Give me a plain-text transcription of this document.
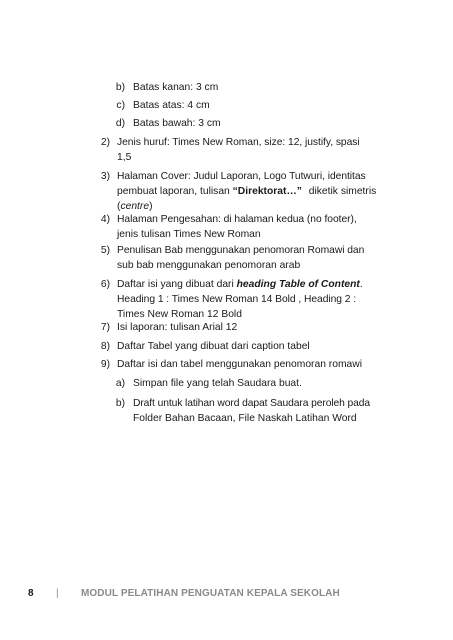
b) Batas kanan: 3 cm
c) Batas atas: 4 cm
d) Batas bawah: 3 cm
2) Jenis huruf: Times New Roman, size: 12, justify, spasi
1,5
3) Halaman Cover: Judul Laporan, Logo Tutwuri, identitas
pembuat laporan, tulisan “Direktorat…” diketik simetris
(centre)
4) Halaman Pengesahan: di halaman kedua (no footer),
jenis tulisan Times New Roman
5) Penulisan Bab menggunakan penomoran Romawi dan
sub bab menggunakan penomoran arab
6) Daftar isi yang dibuat dari heading Table of Content.
Heading 1 : Times New Roman 14 Bold , Heading 2 :
Times New Roman 12 Bold
7) Isi laporan: tulisan Arial 12
8) Daftar Tabel yang dibuat dari caption tabel
9) Daftar isi dan tabel menggunakan penomoran romawi
a) Simpan file yang telah Saudara buat.
b) Draft untuk latihan word dapat Saudara peroleh pada
Folder Bahan Bacaan, File Naskah Latihan Word
8 | MODUL PELATIHAN PENGUATAN KEPALA SEKOLAH
